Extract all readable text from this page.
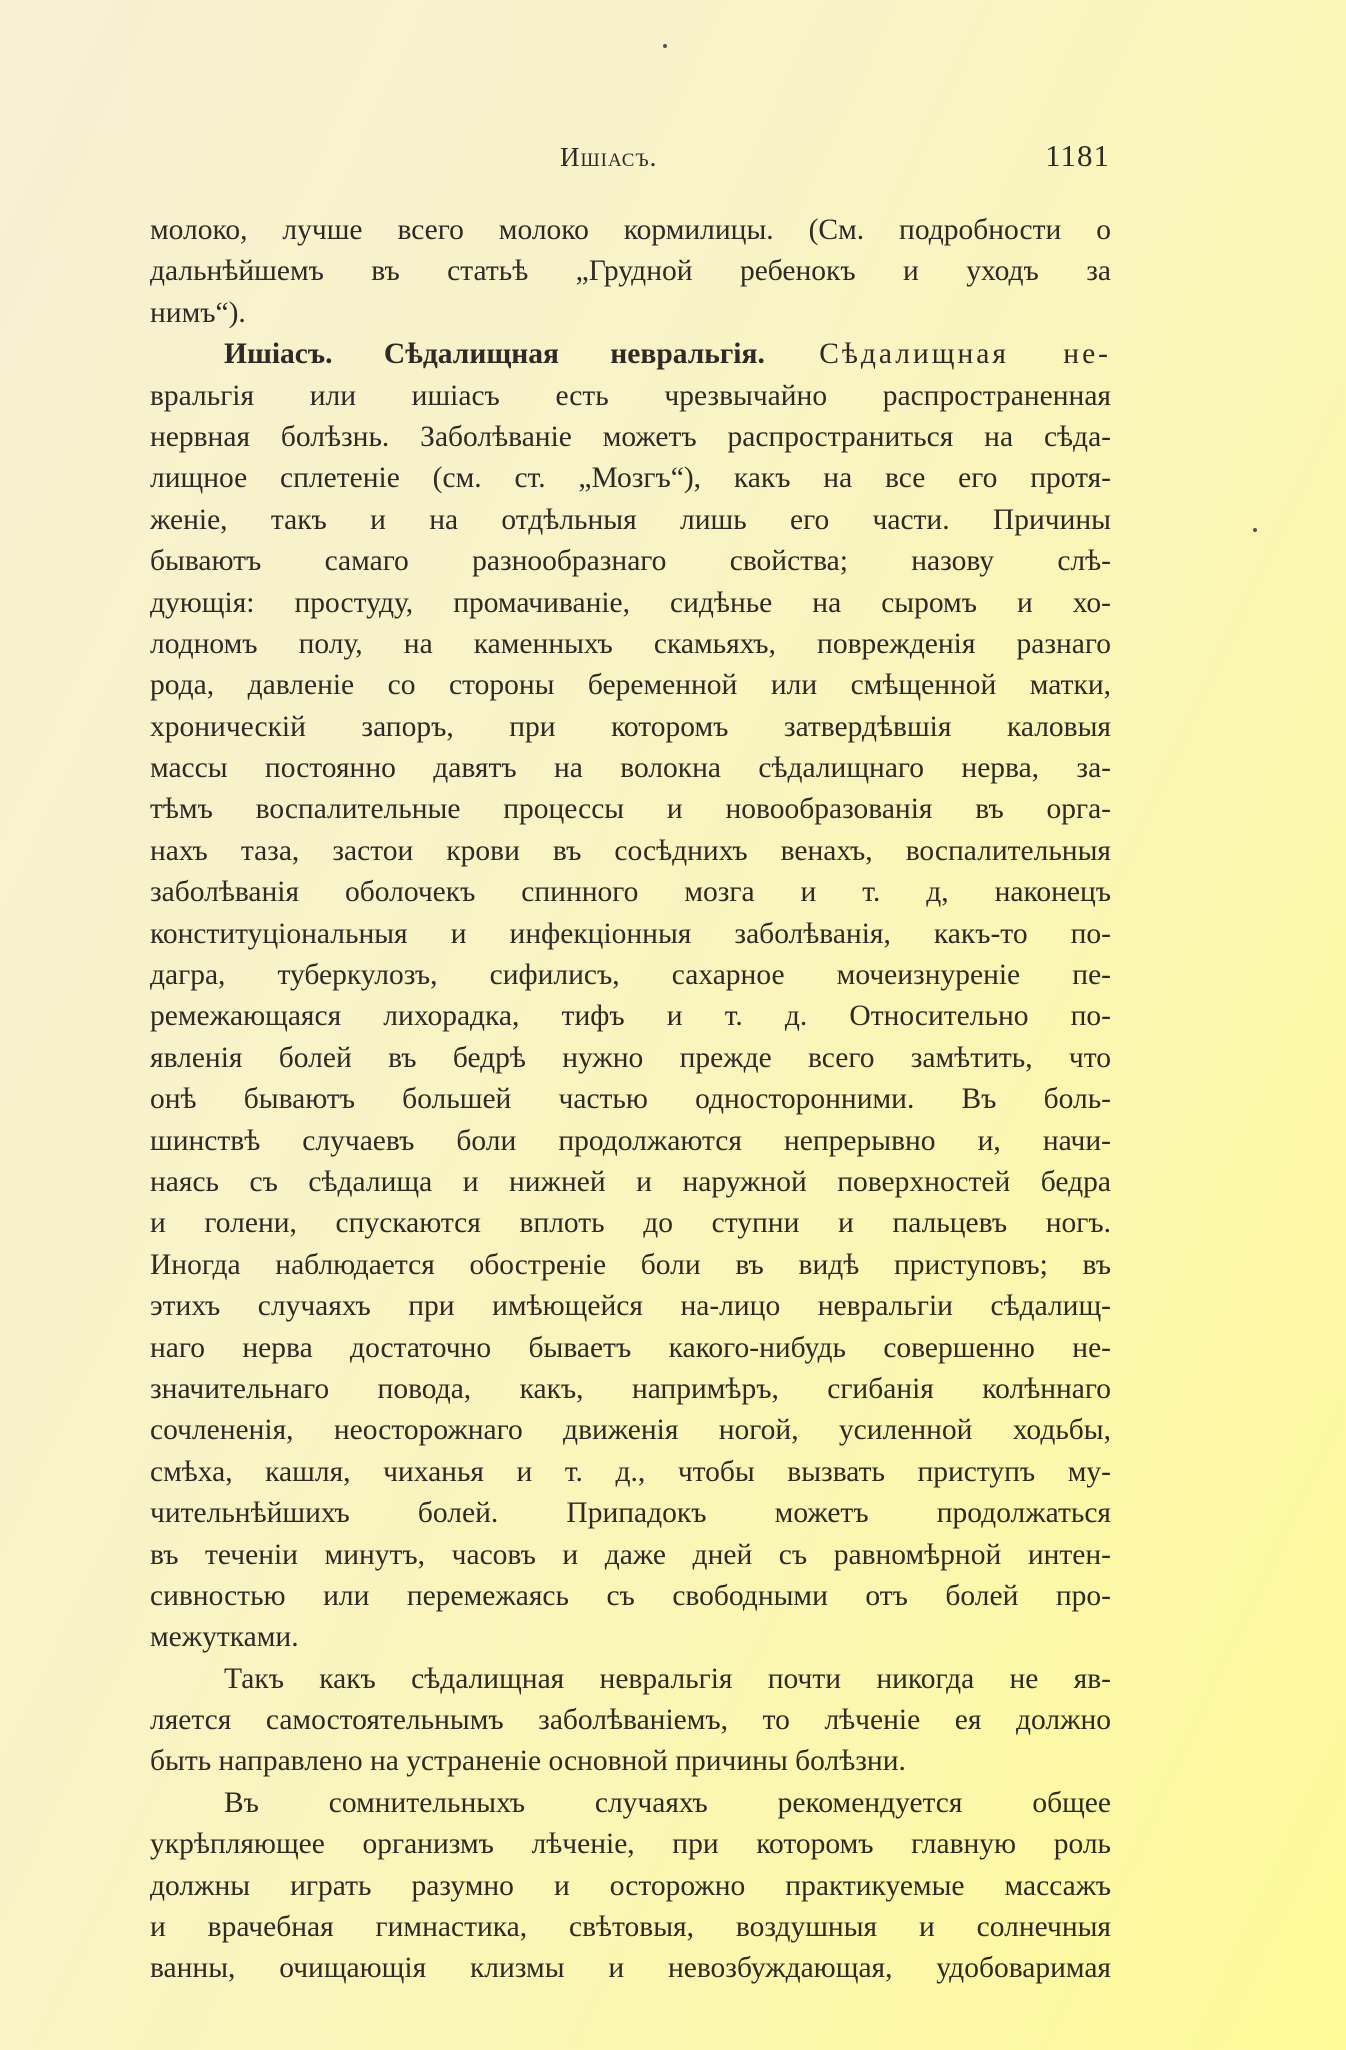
Ишіасъ.	1181
молоко, лучше всего молоко кормилицы. (См. подробности о
дальнѣйшемъ въ статьѣ „Грудной ребенокъ и уходъ за
нимъ“).
Ишіасъ. Сѣдалищная невральгія. Сѣдалищная не-
вральгія или ишіасъ есть чрезвычайно распространенная
нервная болѣзнь. Заболѣваніе можетъ распространиться на сѣда-
лищное сплетеніе (см. ст. „Мозгъ“), какъ на все его протя-
женіе, такъ и на отдѣльныя лишь его части. Причины
бываютъ самаго разнообразнаго свойства; назову слѣ-
дующія: простуду, промачиваніе, сидѣнье на сыромъ и хо-
лодномъ полу, на каменныхъ скамьяхъ, поврежденія разнаго
рода, давленіе со стороны беременной или смѣщенной матки,
хроническій запоръ, при которомъ затвердѣвшія каловыя
массы постоянно давятъ на волокна сѣдалищнаго нерва, за-
тѣмъ воспалительные процессы и новообразованія въ орга-
нахъ таза, застои крови въ сосѣднихъ венахъ, воспалительныя
заболѣванія оболочекъ спинного мозга и т. д, наконецъ
конституціональныя и инфекціонныя заболѣванія, какъ-то по-
дагра, туберкулозъ, сифилисъ, сахарное мочеизнуреніе пе-
ремежающаяся лихорадка, тифъ и т. д. Относительно по-
явленія болей въ бедрѣ нужно прежде всего замѣтить, что
онѣ бываютъ большей частью односторонними. Въ боль-
шинствѣ случаевъ боли продолжаются непрерывно и, начи-
наясь съ сѣдалища и нижней и наружной поверхностей бедра
и голени, спускаются вплоть до ступни и пальцевъ ногъ.
Иногда наблюдается обостреніе боли въ видѣ приступовъ; въ
этихъ случаяхъ при имѣющейся на-лицо невральгіи сѣдалищ-
наго нерва достаточно бываетъ какого-нибудь совершенно не-
значительнаго повода, какъ, напримѣръ, сгибанія колѣннаго
сочлененія, неосторожнаго движенія ногой, усиленной ходьбы,
смѣха, кашля, чиханья и т. д., чтобы вызвать приступъ му-
чительнѣйшихъ болей. Припадокъ можетъ продолжаться
въ теченіи минутъ, часовъ и даже дней съ равномѣрной интен-
сивностью или перемежаясь съ свободными отъ болей про-
межутками.
Такъ какъ сѣдалищная невральгія почти никогда не яв-
ляется самостоятельнымъ заболѣваніемъ, то лѣченіе ея должно
быть направлено на устраненіе основной причины болѣзни.
Въ сомнительныхъ случаяхъ рекомендуется общее
укрѣпляющее организмъ лѣченіе, при которомъ главную роль
должны играть разумно и осторожно практикуемые массажъ
и врачебная гимнастика, свѣтовыя, воздушныя и солнечныя
ванны, очищающія клизмы и невозбуждающая, удобоваримая
